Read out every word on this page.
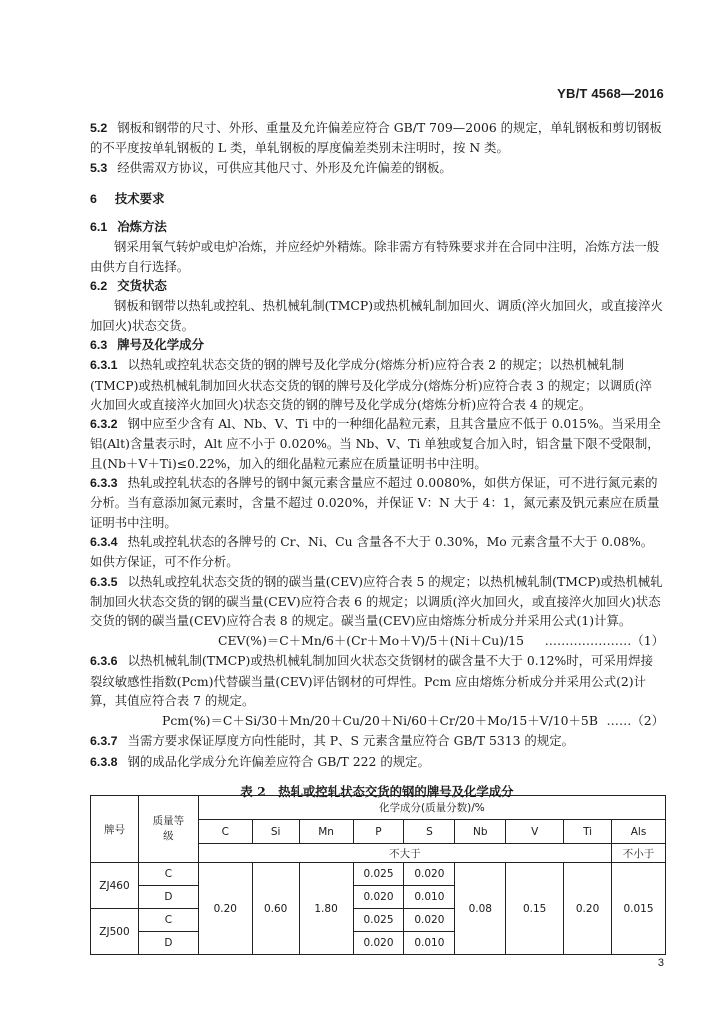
YB/T 4568—2016

5.2 钢板和钢带的尺寸、外形、重量及允许偏差应符合 GB/T 709—2006 的规定，单轧钢板和剪切钢板的不平度按单轧钢板的 L 类，单轧钢板的厚度偏差类别未注明时，按 N 类。

5.3 经供需双方协议，可供应其他尺寸、外形及允许偏差的钢板。

6 技术要求

6.1 冶炼方法

钢采用氧气转炉或电炉冶炼，并应经炉外精炼。除非需方有特殊要求并在合同中注明，冶炼方法一般由供方自行选择。

6.2 交货状态

钢板和钢带以热轧或控轧、热机械轧制(TMCP)或热机械轧制加回火、调质(淬火加回火，或直接淬火加回火)状态交货。

6.3 牌号及化学成分

6.3.1 以热轧或控轧状态交货的钢的牌号及化学成分(熔炼分析)应符合表 2 的规定；以热机械轧制(TMCP)或热机械轧制加回火状态交货的钢的牌号及化学成分(熔炼分析)应符合表 3 的规定；以调质(淬火加回火或直接淬火加回火)状态交货的钢的牌号及化学成分(熔炼分析)应符合表 4 的规定。

6.3.2 钢中应至少含有 Al、Nb、V、Ti 中的一种细化晶粒元素，且其含量应不低于 0.015%。当采用全铝(Alt)含量表示时，Alt 应不小于 0.020%。当 Nb、V、Ti 单独或复合加入时，铝含量下限不受限制，且(Nb＋V＋Ti)≤0.22%，加入的细化晶粒元素应在质量证明书中注明。

6.3.3 热轧或控轧状态的各牌号的钢中氮元素含量应不超过 0.0080%，如供方保证，可不进行氮元素的分析。当有意添加氮元素时，含量不超过 0.020%，并保证 V：N 大于 4：1，氮元素及钒元素应在质量证明书中注明。

6.3.4 热轧或控轧状态的各牌号的 Cr、Ni、Cu 含量各不大于 0.30%，Mo 元素含量不大于 0.08%。如供方保证，可不作分析。

6.3.5 以热轧或控轧状态交货的钢的碳当量(CEV)应符合表 5 的规定；以热机械轧制(TMCP)或热机械轧制加回火状态交货的钢的碳当量(CEV)应符合表 6 的规定；以调质(淬火加回火，或直接淬火加回火)状态交货的钢的碳当量(CEV)应符合表 8 的规定。碳当量(CEV)应由熔炼分析成分并采用公式(1)计算。

CEV(%)＝C＋Mn/6＋(Cr＋Mo＋V)/5＋(Ni＋Cu)/15 …………………（1）

6.3.6 以热机械轧制(TMCP)或热机械轧制加回火状态交货钢材的碳含量不大于 0.12%时，可采用焊接裂纹敏感性指数(Pcm)代替碳当量(CEV)评估钢材的可焊性。Pcm 应由熔炼分析成分并采用公式(2)计算，其值应符合表 7 的规定。

Pcm(%)＝C＋Si/30＋Mn/20＋Cu/20＋Ni/60＋Cr/20＋Mo/15＋V/10＋5B ……（2）

6.3.7 当需方要求保证厚度方向性能时，其 P、S 元素含量应符合 GB/T 5313 的规定。

6.3.8 钢的成品化学成分允许偏差应符合 GB/T 222 的规定。

表 2　热轧或控轧状态交货的钢的牌号及化学成分

牌号	质量等级	化学成分(质量分数)/%								
		C	Si	Mn	P	S	Nb	V	Ti	Als
		不大于								不小于
ZJ460	C	0.20	0.60	1.80	0.025	0.020	0.08	0.15	0.20	0.015
	D				0.020	0.010				
ZJ500	C				0.025	0.020				
	D				0.020	0.010				
3
